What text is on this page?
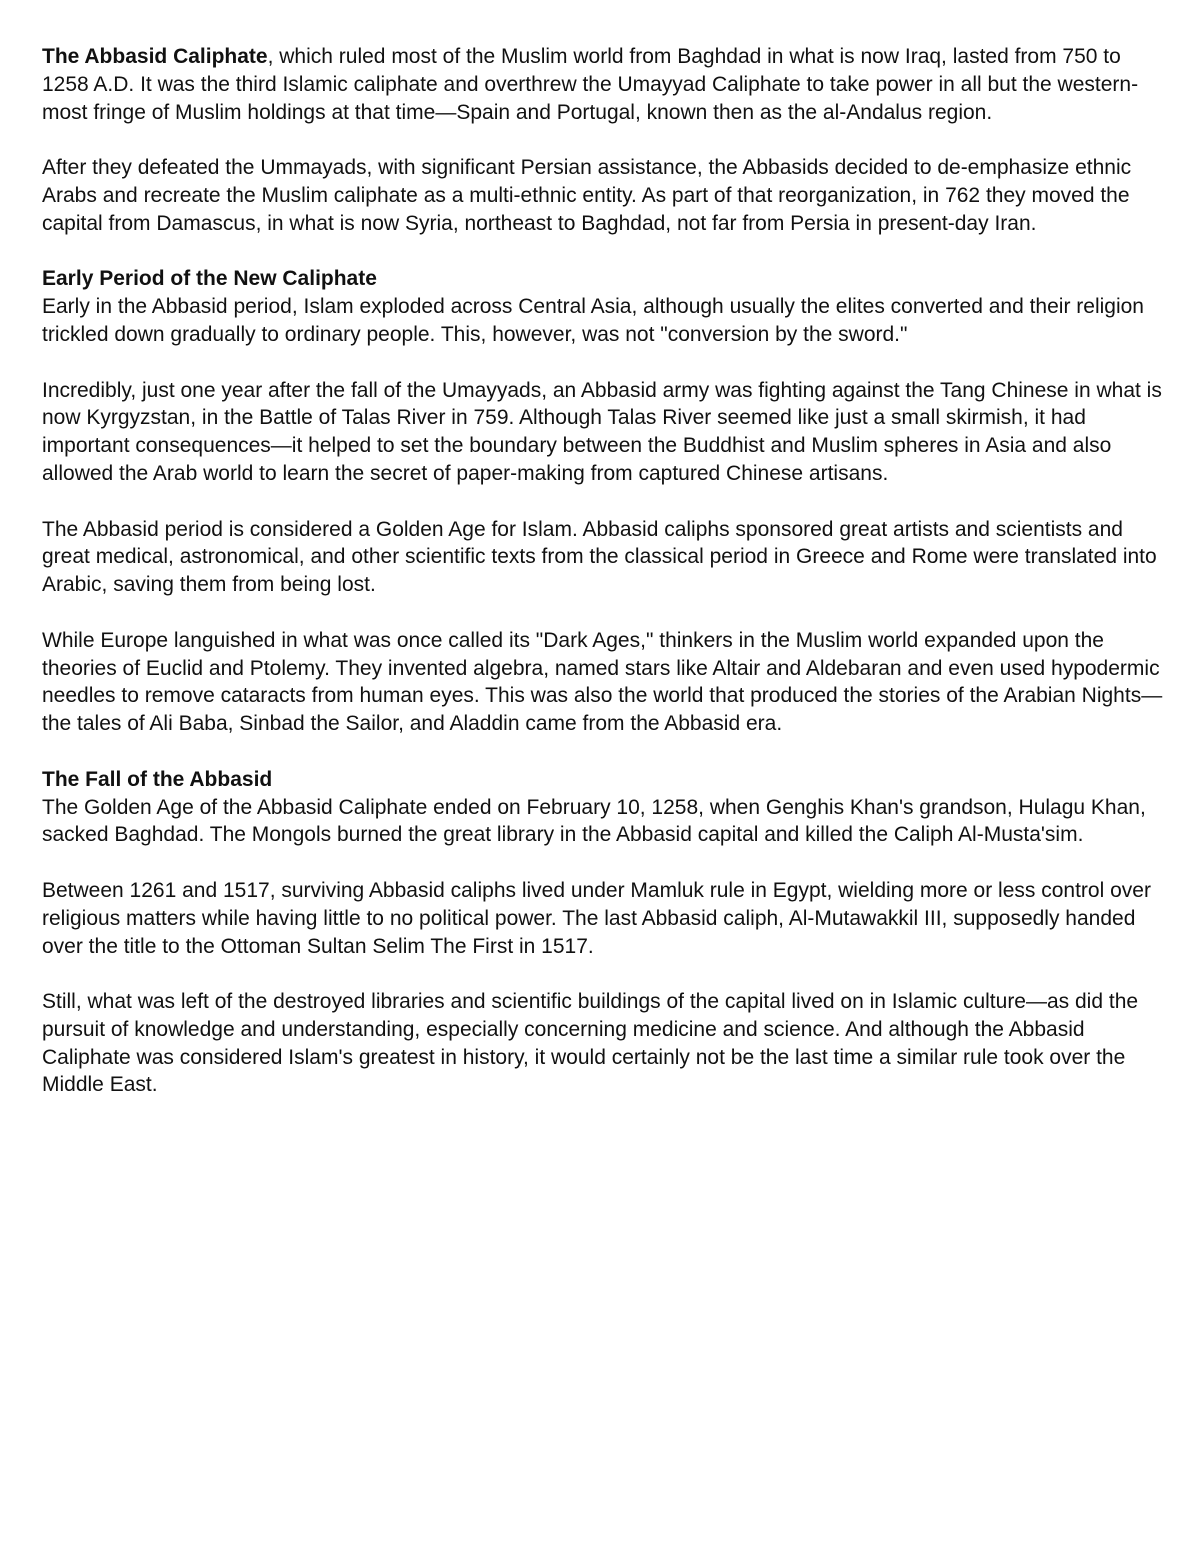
The Abbasid Caliphate, which ruled most of the Muslim world from Baghdad in what is now Iraq, lasted from 750 to 1258 A.D. It was the third Islamic caliphate and overthrew the Umayyad Caliphate to take power in all but the western-most fringe of Muslim holdings at that time—Spain and Portugal, known then as the al-Andalus region.

After they defeated the Ummayads, with significant Persian assistance, the Abbasids decided to de-emphasize ethnic Arabs and recreate the Muslim caliphate as a multi-ethnic entity. As part of that reorganization, in 762 they moved the capital from Damascus, in what is now Syria, northeast to Baghdad, not far from Persia in present-day Iran.

Early Period of the New Caliphate
Early in the Abbasid period, Islam exploded across Central Asia, although usually the elites converted and their religion trickled down gradually to ordinary people. This, however, was not "conversion by the sword."

Incredibly, just one year after the fall of the Umayyads, an Abbasid army was fighting against the Tang Chinese in what is now Kyrgyzstan, in the Battle of Talas River in 759. Although Talas River seemed like just a small skirmish, it had important consequences—it helped to set the boundary between the Buddhist and Muslim spheres in Asia and also allowed the Arab world to learn the secret of paper-making from captured Chinese artisans.

The Abbasid period is considered a Golden Age for Islam. Abbasid caliphs sponsored great artists and scientists and great medical, astronomical, and other scientific texts from the classical period in Greece and Rome were translated into Arabic, saving them from being lost.

While Europe languished in what was once called its "Dark Ages," thinkers in the Muslim world expanded upon the theories of Euclid and Ptolemy. They invented algebra, named stars like Altair and Aldebaran and even used hypodermic needles to remove cataracts from human eyes. This was also the world that produced the stories of the Arabian Nights—the tales of Ali Baba, Sinbad the Sailor, and Aladdin came from the Abbasid era.

The Fall of the Abbasid
The Golden Age of the Abbasid Caliphate ended on February 10, 1258, when Genghis Khan's grandson, Hulagu Khan, sacked Baghdad. The Mongols burned the great library in the Abbasid capital and killed the Caliph Al-Musta'sim.

Between 1261 and 1517, surviving Abbasid caliphs lived under Mamluk rule in Egypt, wielding more or less control over religious matters while having little to no political power. The last Abbasid caliph, Al-Mutawakkil III, supposedly handed over the title to the Ottoman Sultan Selim The First in 1517.

Still, what was left of the destroyed libraries and scientific buildings of the capital lived on in Islamic culture—as did the pursuit of knowledge and understanding, especially concerning medicine and science. And although the Abbasid Caliphate was considered Islam's greatest in history, it would certainly not be the last time a similar rule took over the Middle East.
